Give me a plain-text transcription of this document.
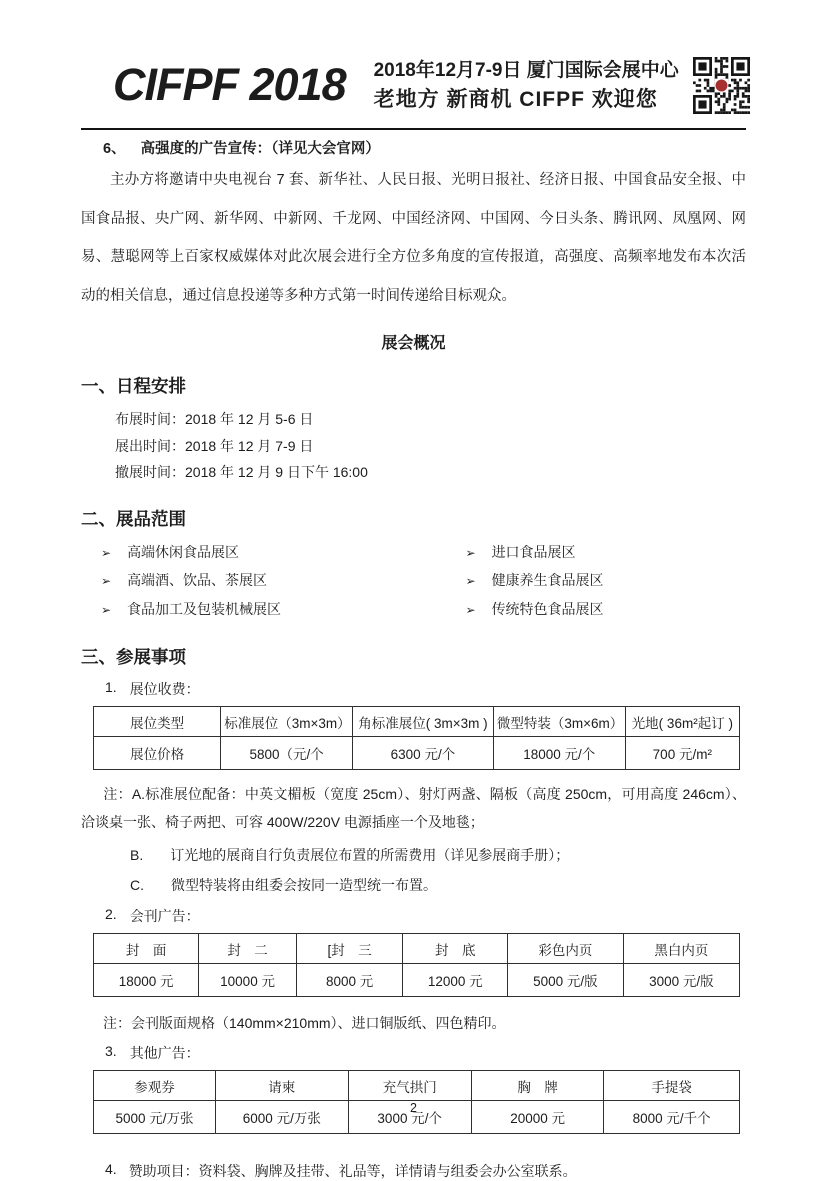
CIFPF 2018 2018年12月7-9日 厦门国际会展中心
老地方 新商机 CIFPF 欢迎您
6、 高强度的广告宣传：（详见大会官网）
主办方将邀请中央电视台 7 套、新华社、人民日报、光明日报社、经济日报、中国食品安全报、中国食品报、央广网、新华网、中新网、千龙网、中国经济网、中国网、今日头条、腾讯网、凤凰网、网易、慧聪网等上百家权威媒体对此次展会进行全方位多角度的宣传报道，高强度、高频率地发布本次活动的相关信息，通过信息投递等多种方式第一时间传递给目标观众。
展会概况
一、日程安排
布展时间：2018 年 12 月 5-6 日
展出时间：2018 年 12 月 7-9 日
撤展时间：2018 年 12 月 9 日下午 16:00
二、展品范围
➢ 高端休闲食品展区	➢ 进口食品展区
➢ 高端酒、饮品、茶展区	➢ 健康养生食品展区
➢ 食品加工及包装机械展区	➢ 传统特色食品展区
三、参展事项
1. 展位收费：
展位类型	标准展位（3m×3m）	角标准展位( 3m×3m )	微型特装（3m×6m）	光地( 36m²起订 )
展位价格	5800（元/个	6300 元/个	18000 元/个	700 元/m²
注：A.标准展位配备：中英文楣板（宽度 25cm）、射灯两盏、隔板（高度 250cm，可用高度 246cm）、洽谈桌一张、椅子两把、可容 400W/220V 电源插座一个及地毯；
B. 订光地的展商自行负责展位布置的所需费用（详见参展商手册）；
C. 微型特装将由组委会按同一造型统一布置。
2. 会刊广告：
封　面	封　二	[封　三	封　底	彩色内页	黑白内页
18000 元	10000 元	8000 元	12000 元	5000 元/版	3000 元/版
注：会刊版面规格（140mm×210mm）、进口铜版纸、四色精印。
3. 其他广告：
参观券	请柬	充气拱门	胸　牌	手提袋
5000 元/万张	6000 元/万张	3000 元/个	20000 元	8000 元/千个
4. 赞助项目：资料袋、胸牌及挂带、礼品等，详情请与组委会办公室联系。
2
